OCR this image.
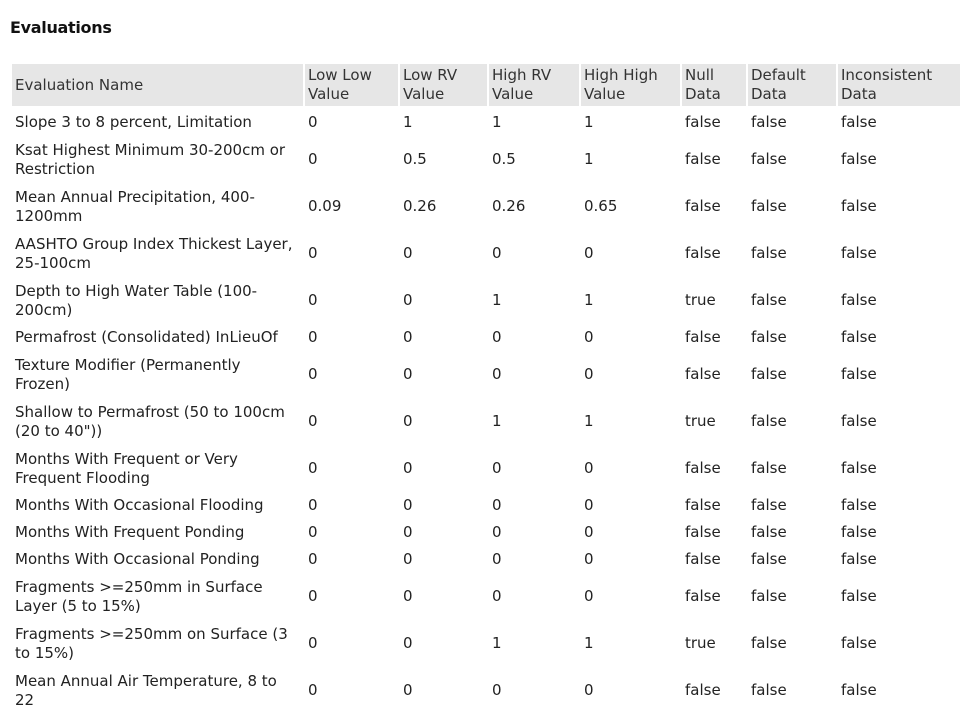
Evaluations
Evaluation Name	Low Low Value	Low RV Value	High RV Value	High High Value	Null Data	Default Data	Inconsistent Data

Slope 3 to 8 percent, Limitation	0	1	1	1	false	false	false
Ksat Highest Minimum 30-200cm or Restriction	0	0.5	0.5	1	false	false	false
Mean Annual Precipitation, 400-1200mm	0.09	0.26	0.26	0.65	false	false	false
AASHTO Group Index Thickest Layer, 25-100cm	0	0	0	0	false	false	false
Depth to High Water Table (100-200cm)	0	0	1	1	true	false	false
Permafrost (Consolidated) InLieuOf	0	0	0	0	false	false	false
Texture Modifier (Permanently Frozen)	0	0	0	0	false	false	false
Shallow to Permafrost (50 to 100cm (20 to 40"))	0	0	1	1	true	false	false
Months With Frequent or Very Frequent Flooding	0	0	0	0	false	false	false
Months With Occasional Flooding	0	0	0	0	false	false	false
Months With Frequent Ponding	0	0	0	0	false	false	false
Months With Occasional Ponding	0	0	0	0	false	false	false
Fragments >=250mm in Surface Layer (5 to 15%)	0	0	0	0	false	false	false
Fragments >=250mm on Surface (3 to 15%)	0	0	1	1	true	false	false
Mean Annual Air Temperature, 8 to 22	0	0	0	0	false	false	false
